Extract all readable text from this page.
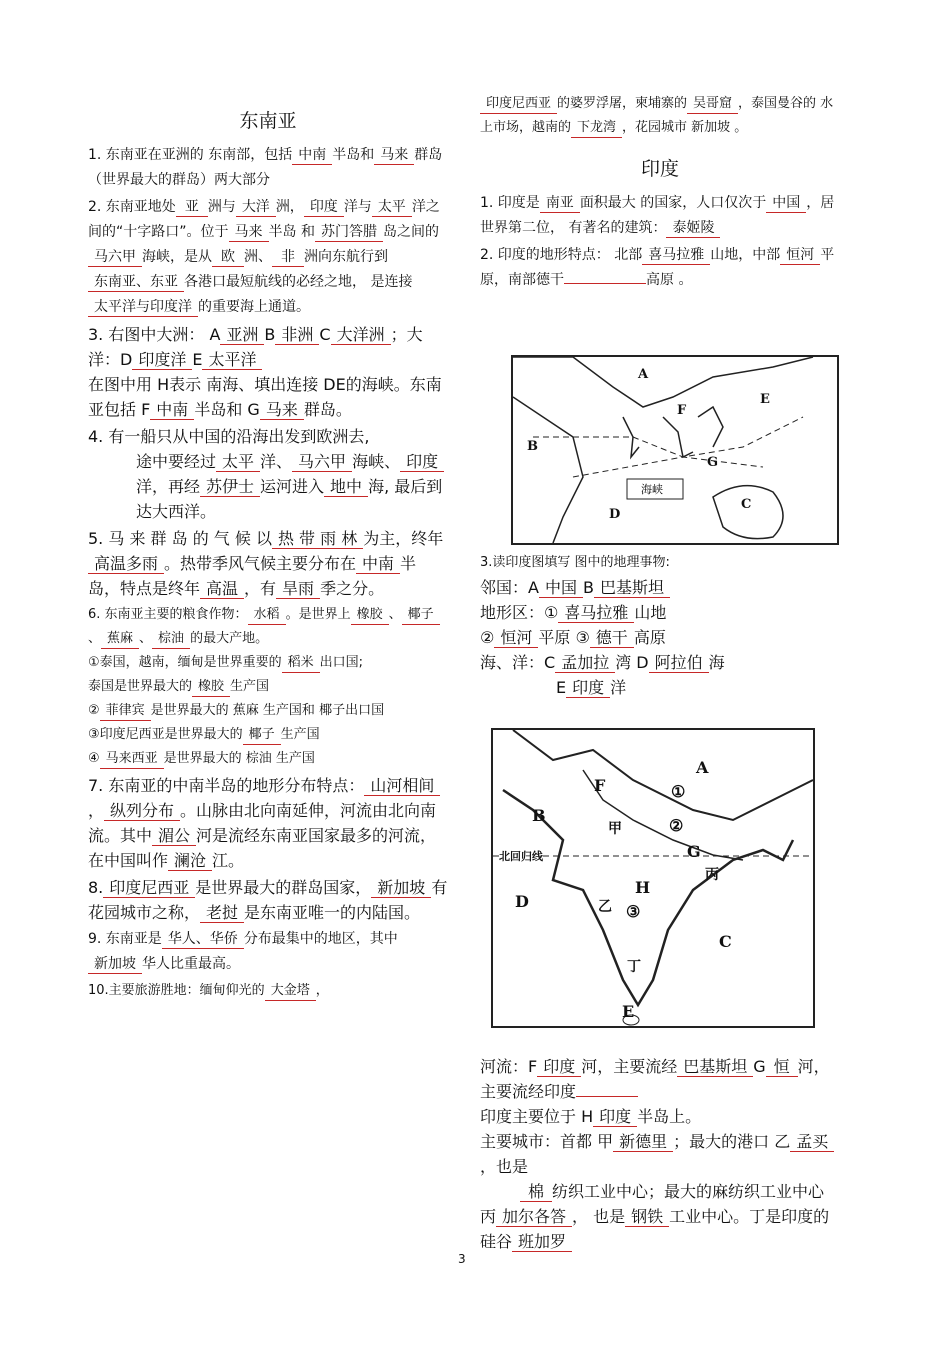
东南亚
1. 东南亚在亚洲的 东南部，包括 中南 半岛和 马来 群岛（世界最大的群岛）两大部分
2. 东南亚地处 亚 洲与 大洋 洲， 印度 洋与 太平 洋之间的“十字路口”。位于 马来 半岛 和 苏门答腊 岛之间的马六甲 海峡，是从 欧 洲、 非 洲向东航行到东南亚、东亚 各港口最短航线的必经之地， 是连接太平洋与印度洋 的重要海上通道。
3. 右图中大洲： A 亚洲 B 非洲 C 大洋洲 ；大洋：D 印度洋 E 太平洋
在图中用 H表示 南海、填出连接 DE的海峡。东南亚包括 F 中南 半岛和 G 马来 群岛。
4. 有一船只从中国的沿海出发到欧洲去,
途中要经过 太平 洋、 马六甲 海峡、 印度洋，再经 苏伊士 运河进入 地中 海, 最后到达大西洋。
5. 马 来 群 岛 的 气 候 以 热 带 雨 林 为主，终年高温多雨 。热带季风气候主要分布在 中南 半岛，特点是终年 高温 ，有 旱雨 季之分。
6. 东南亚主要的粮食作物： 水稻 。是世界上 橡胶 、 椰子、 蕉麻 、 棕油 的最大产地。
①泰国，越南，缅甸是世界重要的 稻米 出口国;
泰国是世界最大的 橡胶 生产国
② 菲律宾 是世界最大的 蕉麻 生产国和 椰子出口国
③印度尼西亚是世界最大的 椰子 生产国
④ 马来西亚 是世界最大的 棕油 生产国
7. 东南亚的中南半岛的地形分布特点： 山河相间， 纵列分布 。山脉由北向南延伸，河流由北向南流。其中 湄公 河是流经东南亚国家最多的河流， 在中国叫作 澜沧 江。
8. 印度尼西亚 是世界最大的群岛国家， 新加坡 有花园城市之称， 老挝 是东南亚唯一的内陆国。
9. 东南亚是 华人、华侨 分布最集中的地区，其中新加坡 华人比重最高。
10.主要旅游胜地：缅甸仰光的 大金塔 ，
印度尼西亚 的婆罗浮屠，柬埔寨的 吴哥窟 ，泰国曼谷的 水上市场，越南的 下龙湾 ，花园城市 新加坡 。
印度
1. 印度是 南亚 面积最大 的国家，人口仅次于 中国 ，居世界第二位， 有著名的建筑： 泰姬陵
2. 印度的地形特点： 北部 喜马拉雅 山地，中部 恒河 平原，南部德干	高原 。
海峡
A
B
C
D
E
F
G
3.读印度图填写 图中的地理事物:
邻国：A 中国 B 巴基斯坦
地形区：① 喜马拉雅 山地
② 恒河 平原 ③ 德干 高原
海、洋：C 孟加拉 湾 D 阿拉伯 海
E 印度 洋
北回归线
A
B
C
D
E
F
G
H
甲
乙
丙
丁
①
②
③
河流：F 印度 河，主要流经 巴基斯坦 G 恒 河，主要流经印度
印度主要位于 H 印度 半岛上。
主要城市：首都 甲 新德里 ；最大的港口 乙 孟买，也是
棉 纺织工业中心；最大的麻纺织工业中心 丙 加尔各答 ， 也是 钢铁 工业中心。丁是印度的硅谷 班加罗
3
